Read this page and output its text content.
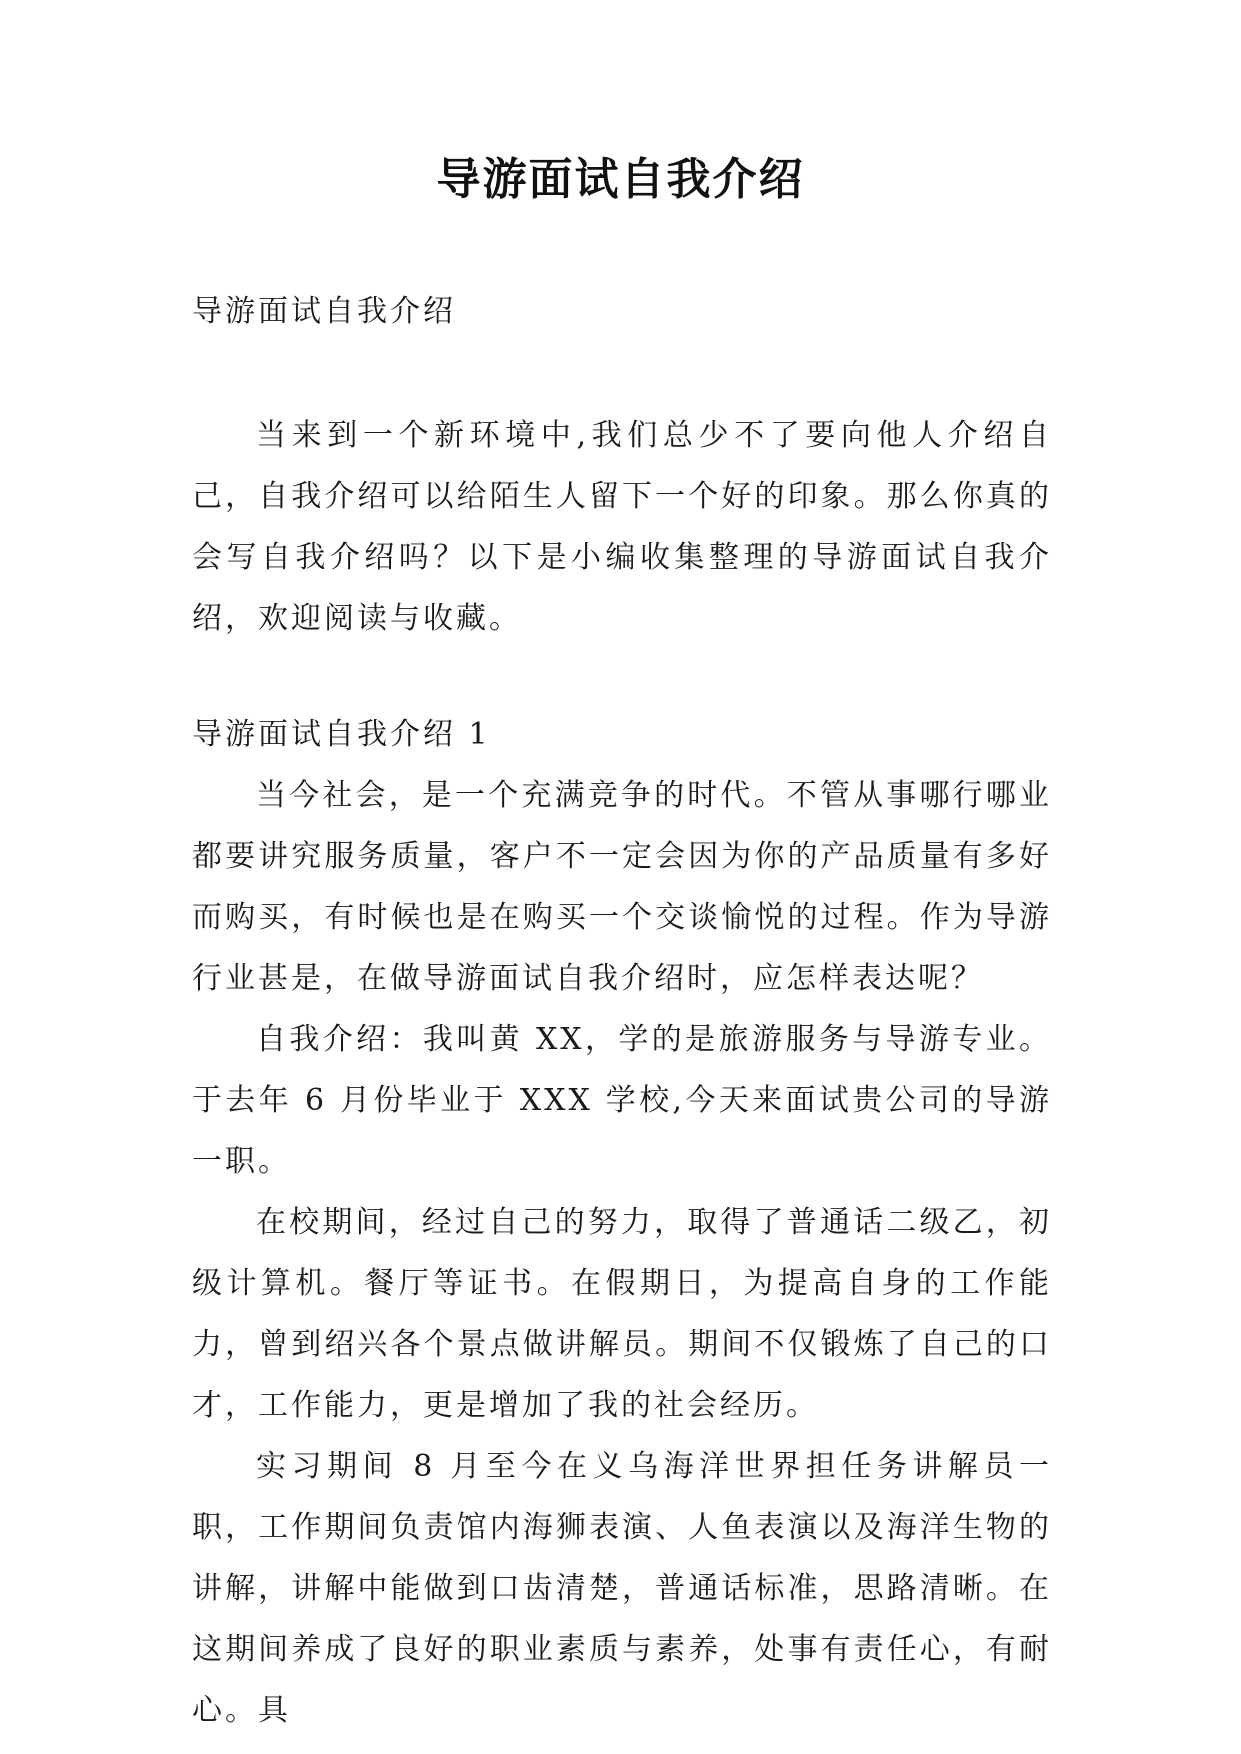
导游面试自我介绍
导游面试自我介绍

当来到一个新环境中,我们总少不了要向他人介绍自己，自我介绍可以给陌生人留下一个好的印象。那么你真的会写自我介绍吗？以下是小编收集整理的导游面试自我介绍，欢迎阅读与收藏。

导游面试自我介绍 1

当今社会，是一个充满竞争的时代。不管从事哪行哪业都要讲究服务质量，客户不一定会因为你的产品质量有多好而购买，有时候也是在购买一个交谈愉悦的过程。作为导游行业甚是，在做导游面试自我介绍时，应怎样表达呢？

自我介绍：我叫黄 XX，学的是旅游服务与导游专业。于去年 6 月份毕业于 XXX 学校,今天来面试贵公司的导游一职。

在校期间，经过自己的努力，取得了普通话二级乙，初级计算机。餐厅等证书。在假期日，为提高自身的工作能力，曾到绍兴各个景点做讲解员。期间不仅锻炼了自己的口才，工作能力，更是增加了我的社会经历。

实习期间 8 月至今在义乌海洋世界担任务讲解员一职，工作期间负责馆内海狮表演、人鱼表演以及海洋生物的讲解，讲解中能做到口齿清楚，普通话标准，思路清晰。在这期间养成了良好的职业素质与素养，处事有责任心，有耐心。具
